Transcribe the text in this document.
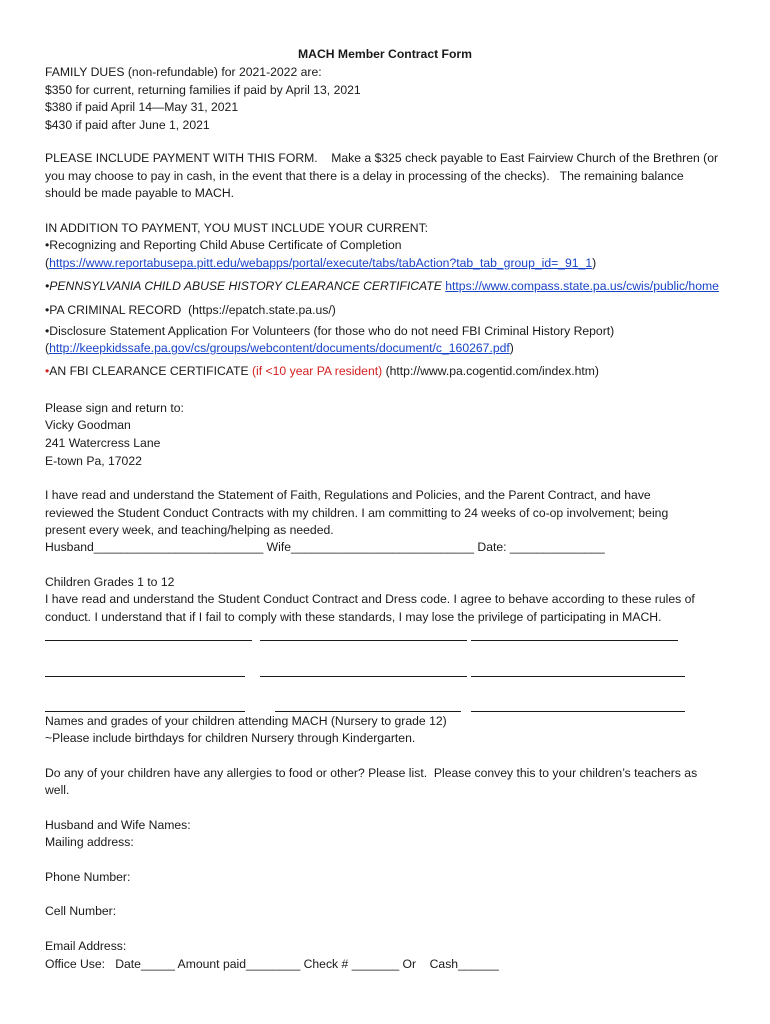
MACH Member Contract Form
FAMILY DUES (non-refundable) for 2021-2022 are:
$350 for current, returning families if paid by April 13, 2021
$380 if paid April 14—May 31, 2021
$430 if paid after June 1, 2021
PLEASE INCLUDE PAYMENT WITH THIS FORM.    Make a $325 check payable to East Fairview Church of the Brethren (or
you may choose to pay in cash, in the event that there is a delay in processing of the checks).   The remaining balance
should be made payable to MACH.
IN ADDITION TO PAYMENT, YOU MUST INCLUDE YOUR CURRENT:
•Recognizing and Reporting Child Abuse Certificate of Completion
(https://www.reportabusepa.pitt.edu/webapps/portal/execute/tabs/tabAction?tab_tab_group_id=_91_1)
•PENNSYLVANIA CHILD ABUSE HISTORY CLEARANCE CERTIFICATE https://www.compass.state.pa.us/cwis/public/home
•PA CRIMINAL RECORD  (https://epatch.state.pa.us/)
•Disclosure Statement Application For Volunteers (for those who do not need FBI Criminal History Report)
(http://keepkidssafe.pa.gov/cs/groups/webcontent/documents/document/c_160267.pdf)
•AN FBI CLEARANCE CERTIFICATE (if <10 year PA resident) (http://www.pa.cogentid.com/index.htm)
Please sign and return to:
Vicky Goodman
241 Watercress Lane
E-town Pa, 17022
I have read and understand the Statement of Faith, Regulations and Policies, and the Parent Contract, and have
reviewed the Student Conduct Contracts with my children. I am committing to 24 weeks of co-op involvement; being
present every week, and teaching/helping as needed.
Husband_________________________ Wife___________________________ Date: ______________
Children Grades 1 to 12
I have read and understand the Student Conduct Contract and Dress code. I agree to behave according to these rules of
conduct. I understand that if I fail to comply with these standards, I may lose the privilege of participating in MACH.
Names and grades of your children attending MACH (Nursery to grade 12)
~Please include birthdays for children Nursery through Kindergarten.
Do any of your children have any allergies to food or other? Please list.  Please convey this to your children’s teachers as
well.
Husband and Wife Names:
Mailing address:
Phone Number:
Cell Number:
Email Address:
Office Use:   Date_____ Amount paid________ Check # _______ Or    Cash______
